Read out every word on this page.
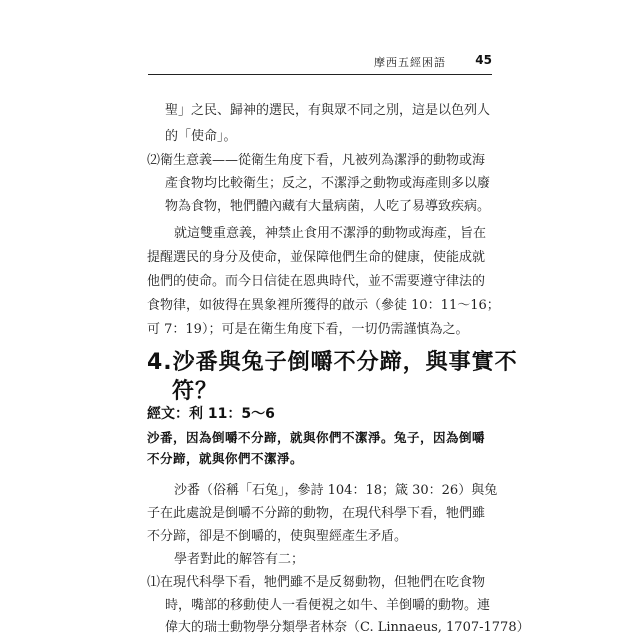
摩西五經困語 45
聖」之民、歸神的選民，有與眾不同之別，這是以色列人
的「使命」。
⑵衛生意義——從衛生角度下看，凡被列為潔淨的動物或海
產食物均比較衛生；反之，不潔淨之動物或海產則多以廢
物為食物，牠們體內藏有大量病菌，人吃了易導致疾病。
就這雙重意義，神禁止食用不潔淨的動物或海產，旨在
提醒選民的身分及使命，並保障他們生命的健康，使能成就
他們的使命。而今日信徒在恩典時代，並不需要遵守律法的
食物律，如彼得在異象裡所獲得的啟示（參徒 10：11～16；
可 7：19）；可是在衛生角度下看，一切仍需謹慎為之。
4.沙番與兔子倒嚼不分蹄，與事實不
符？
經文：利 11：5～6
沙番，因為倒嚼不分蹄，就與你們不潔淨。兔子，因為倒嚼
不分蹄，就與你們不潔淨。
沙番（俗稱「石兔」，參詩 104：18；箴 30：26）與兔
子在此處說是倒嚼不分蹄的動物，在現代科學下看，牠們雖
不分蹄，卻是不倒嚼的，使與聖經產生矛盾。
學者對此的解答有二；
⑴在現代科學下看，牠們雖不是反芻動物，但牠們在吃食物
時，嘴部的移動使人一看便視之如牛、羊倒嚼的動物。連
偉大的瑞士動物學分類學者林奈（C. Linnaeus, 1707-1778）
